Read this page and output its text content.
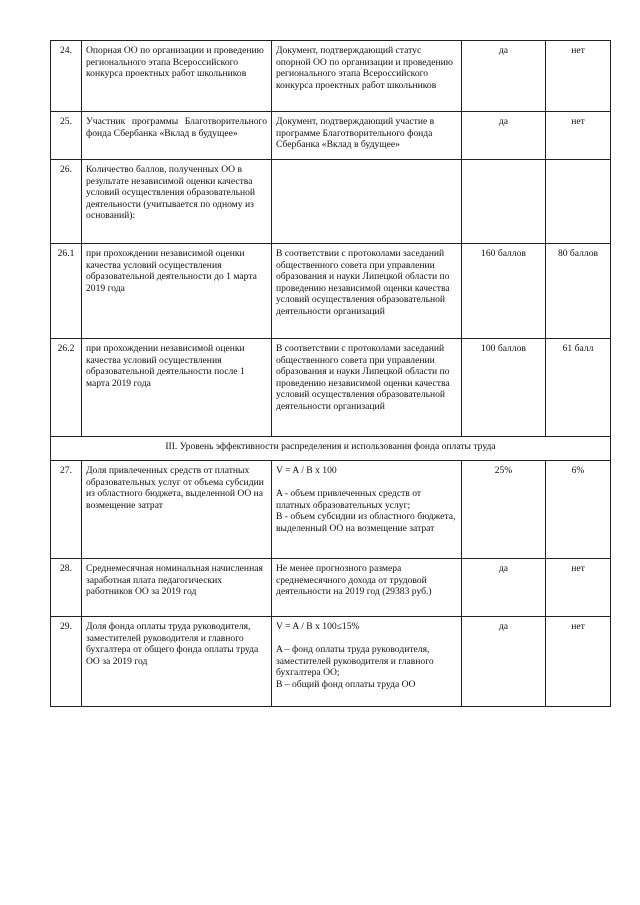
24.	Опорная ОО по организации и проведению регионального этапа Всероссийского конкурса проектных работ школьников	Документ, подтверждающий статус опорной ОО по организации и проведению регионального этапа Всероссийского конкурса проектных работ школьников	да	нет
25.	Участник программы Благотворительного фонда Сбербанка «Вклад в будущее»	Документ, подтверждающий участие в программе Благотворительного фонда Сбербанка «Вклад в будущее»	да	нет
26.	Количество баллов, полученных ОО в результате независимой оценки качества условий осуществления образовательной деятельности (учитывается по одному из оснований):			
26.1	при прохождении независимой оценки качества условий осуществления образовательной деятельности до 1 марта 2019 года	В соответствии с протоколами заседаний общественного совета при управлении образования и науки Липецкой области по проведению независимой оценки качества условий осуществления образовательной деятельности организаций	160 баллов	80 баллов
26.2	при прохождении независимой оценки качества условий осуществления образовательной деятельности после 1 марта 2019 года	В соответствии с протоколами заседаний общественного совета при управлении образования и науки Липецкой области по проведению независимой оценки качества условий осуществления образовательной деятельности организаций	100 баллов	61 балл
III. Уровень эффективности распределения и использования фонда оплаты труда				
27.	Доля привлеченных средств от платных образовательных услуг от объема субсидии из областного бюджета, выделенной ОО на возмещение затрат	V = A / B x 100

A - объем привлеченных средств от платных образовательных услуг;
B - объем субсидии из областного бюджета, выделенный ОО на возмещение затрат	25%	6%
28.	Среднемесячная номинальная начисленная заработная плата педагогических работников ОО за 2019 год	Не менее прогнозного размера среднемесячного дохода от трудовой деятельности на 2019 год (29383 руб.)	да	нет
29.	Доля фонда оплаты труда руководителя, заместителей руководителя и главного бухгалтера от общего фонда оплаты труда ОО за 2019 год	V = A / B x 100≤15%

A – фонд оплаты труда руководителя, заместителей руководителя и главного бухгалтера ОО;
B – общий фонд оплаты труда ОО	да	нет
